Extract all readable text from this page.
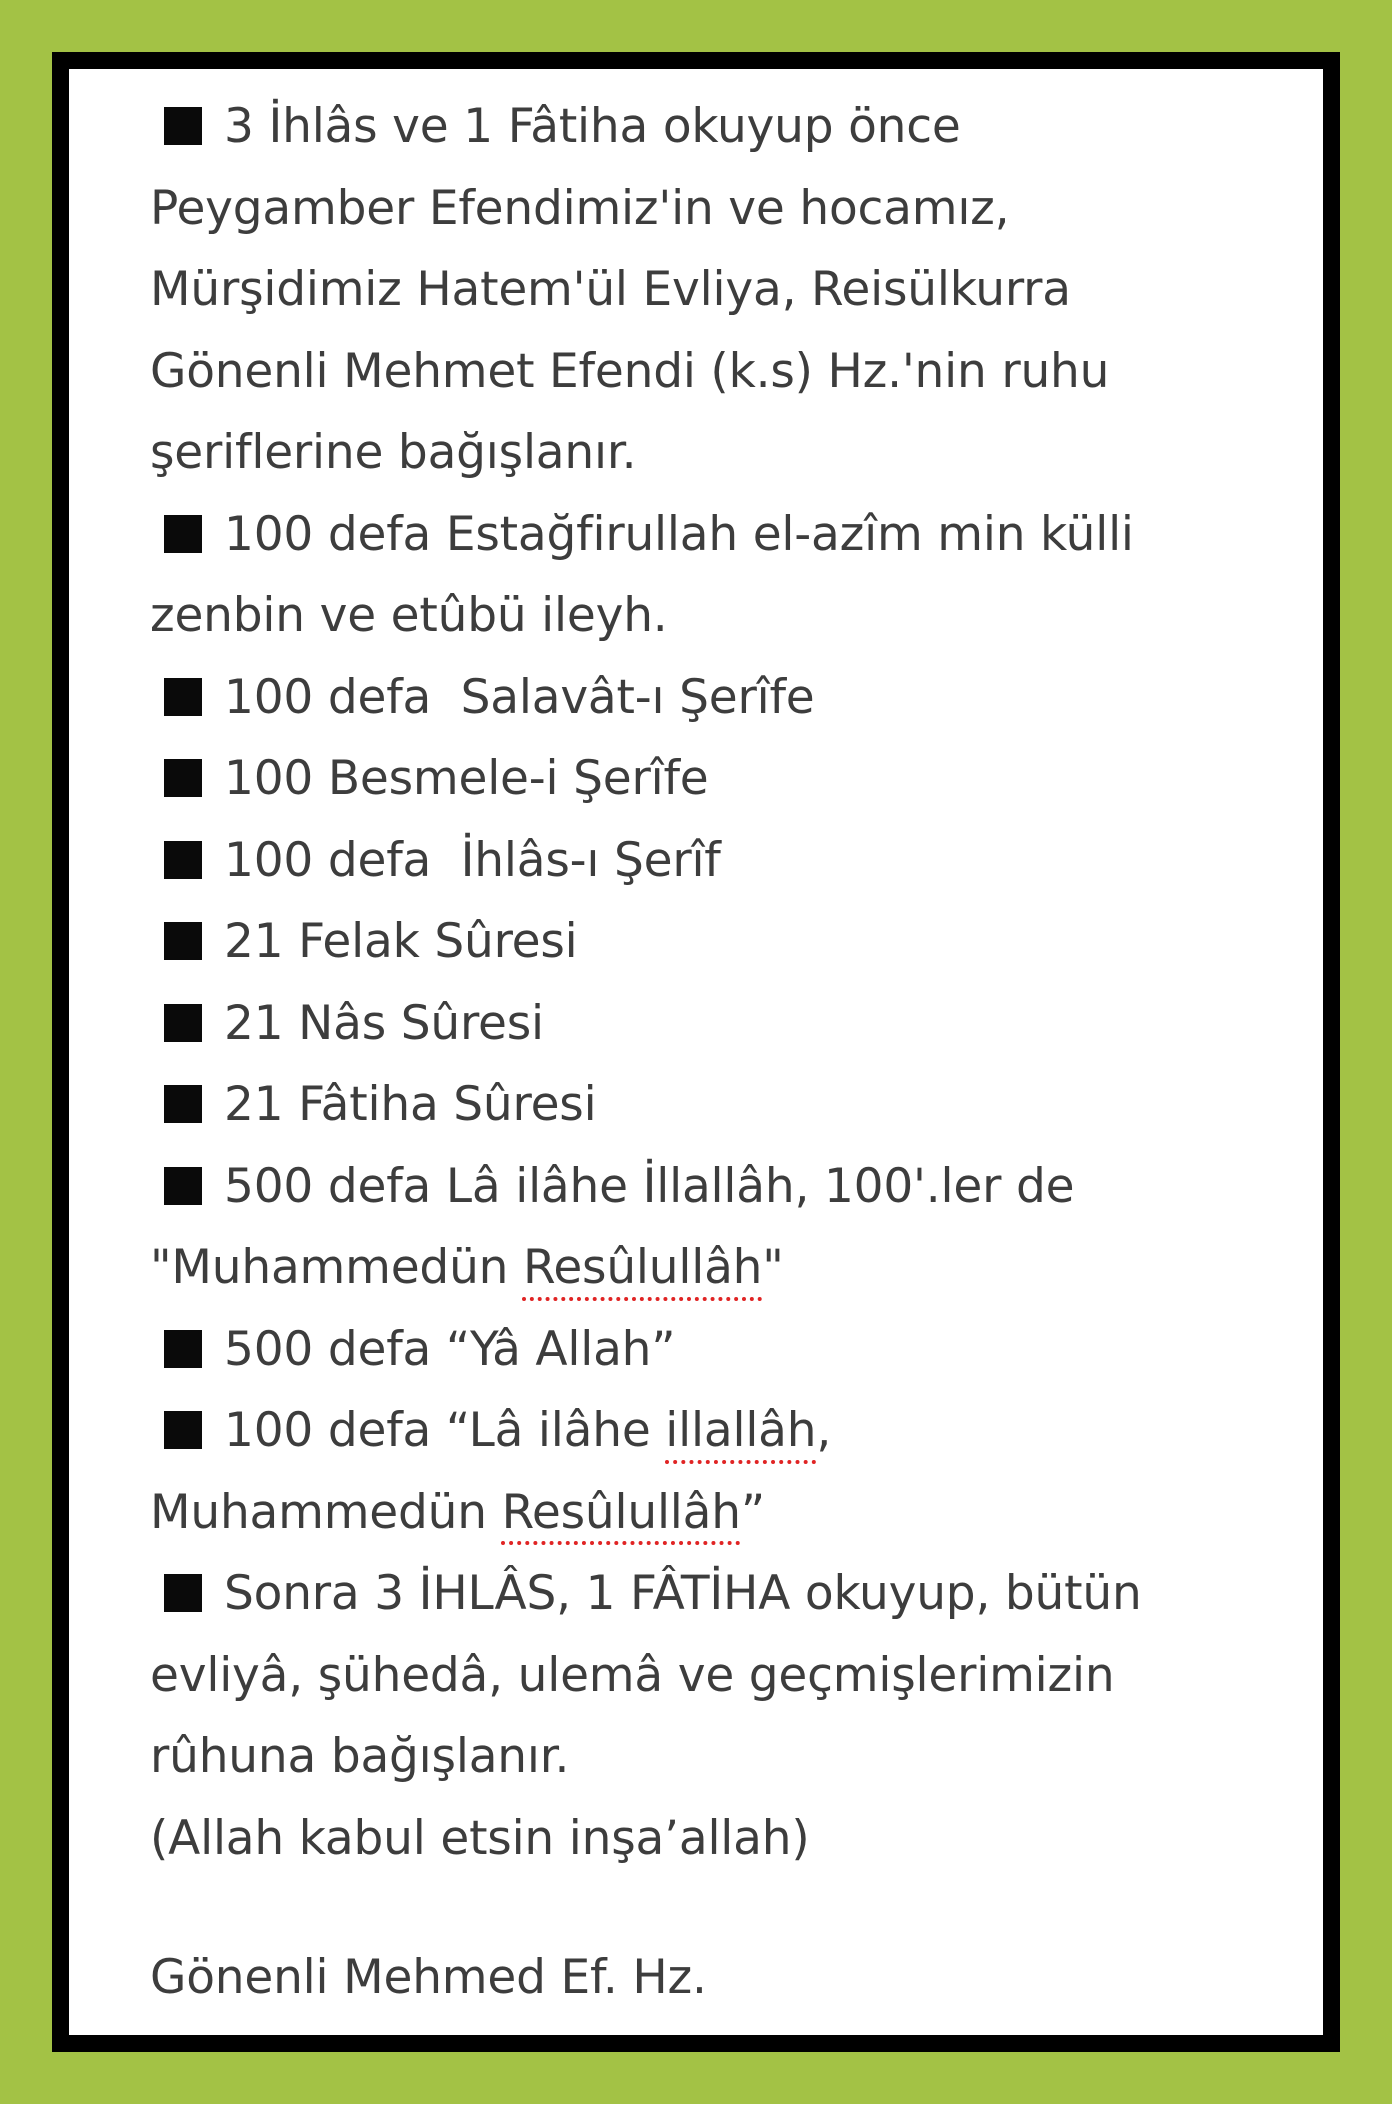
3 İhlâs ve 1 Fâtiha okuyup önce
Peygamber Efendimiz'in ve hocamız,
Mürşidimiz Hatem'ül Evliya, Reisülkurra
Gönenli Mehmet Efendi (k.s) Hz.'nin ruhu
şeriflerine bağışlanır.
100 defa Estağfirullah el-azîm min külli
zenbin ve etûbü ileyh.
100 defa  Salavât-ı Şerîfe
100 Besmele-i Şerîfe
100 defa  İhlâs-ı Şerîf
21 Felak Sûresi
21 Nâs Sûresi
21 Fâtiha Sûresi
500 defa Lâ ilâhe İllallâh, 100'.ler de
"Muhammedün Resûlullâh"
500 defa “Yâ Allah”
100 defa “Lâ ilâhe illallâh,
Muhammedün Resûlullâh”
Sonra 3 İHLÂS, 1 FÂTİHA okuyup, bütün
evliyâ, şühedâ, ulemâ ve geçmişlerimizin
rûhuna bağışlanır.
(Allah kabul etsin inşa’allah)
Gönenli Mehmed Ef. Hz.
